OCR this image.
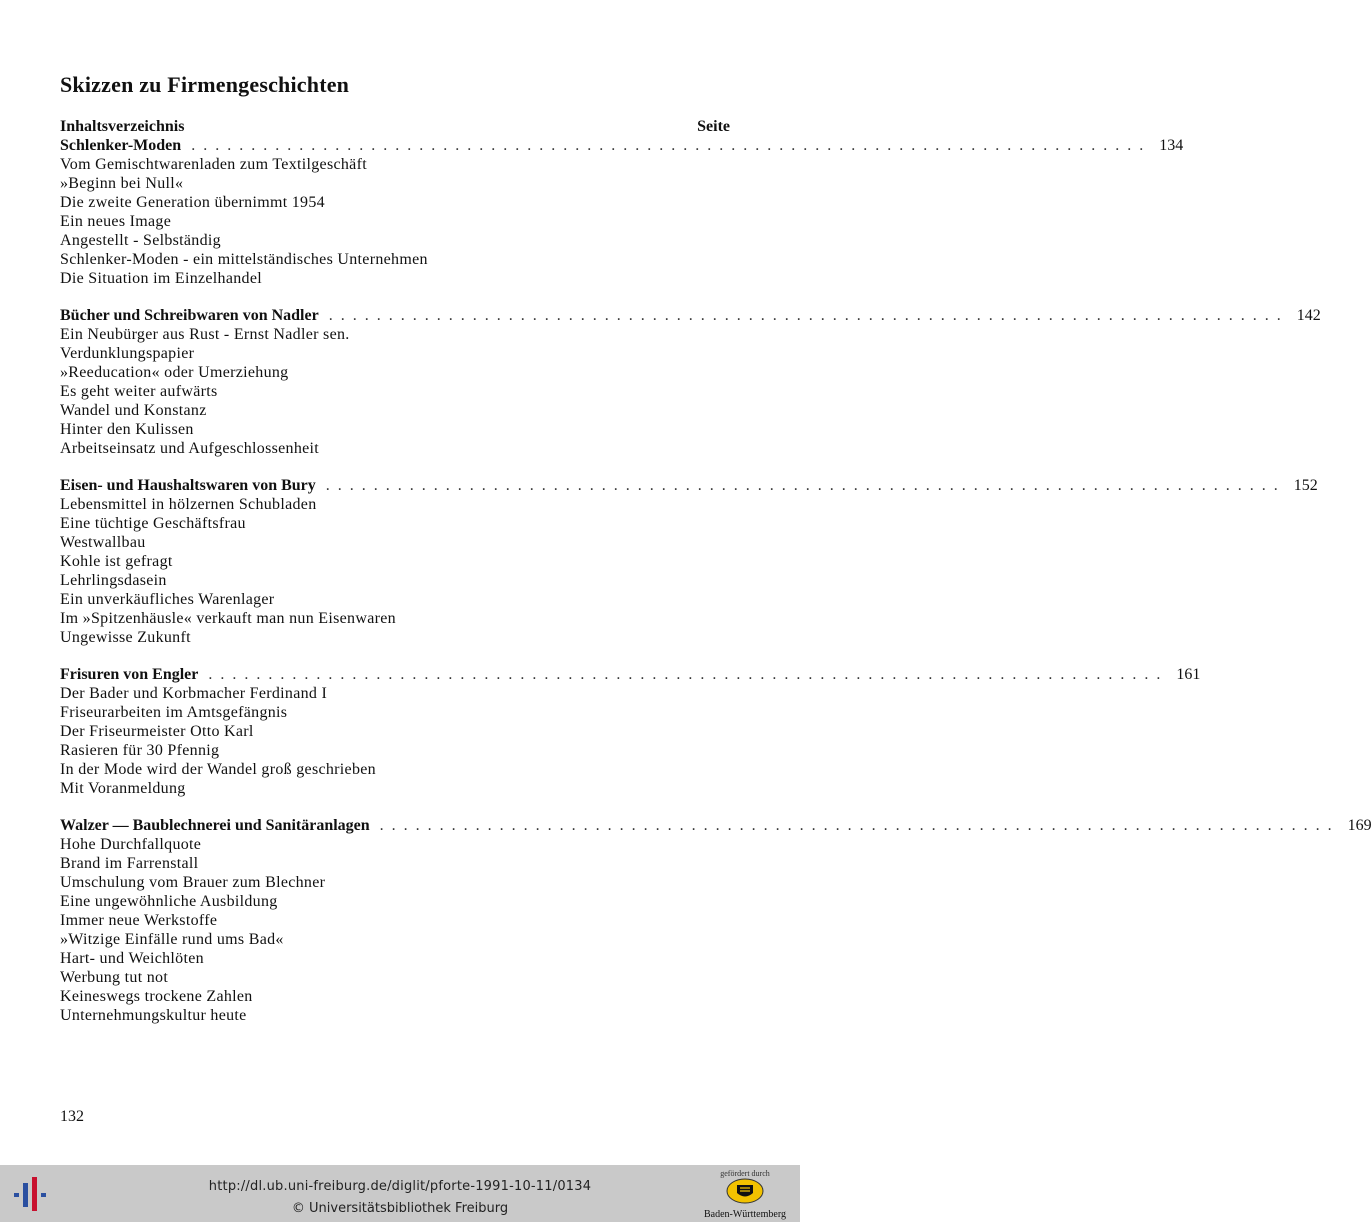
Skizzen zu Firmengeschichten
Inhaltsverzeichnis	Seite
Schlenker-Moden . . . . . . . . . . . . . . . . . . . . . . . . . . . . . . . . . . . . . . . . . . . . . . . . . . . . . . . . . . . . . . . . . . . . . . . . . . . . . . . . 134
Vom Gemischtwarenladen zum Textilgeschäft
»Beginn bei Null«
Die zweite Generation übernimmt 1954
Ein neues Image
Angestellt - Selbständig
Schlenker-Moden - ein mittelständisches Unternehmen
Die Situation im Einzelhandel
Bücher und Schreibwaren von Nadler . . . . . . . . . . . . . . . . . . . . . . . . . . . . . . . . . . . . . . . . . . . . . . . . . . . . . . . . . . . . . . . . . . . . . . . . . . . . . . . . 142
Ein Neubürger aus Rust - Ernst Nadler sen.
Verdunklungspapier
»Reeducation« oder Umerziehung
Es geht weiter aufwärts
Wandel und Konstanz
Hinter den Kulissen
Arbeitseinsatz und Aufgeschlossenheit
Eisen- und Haushaltswaren von Bury . . . . . . . . . . . . . . . . . . . . . . . . . . . . . . . . . . . . . . . . . . . . . . . . . . . . . . . . . . . . . . . . . . . . . . . . . . . . . . . . 152
Lebensmittel in hölzernen Schubladen
Eine tüchtige Geschäftsfrau
Westwallbau
Kohle ist gefragt
Lehrlingsdasein
Ein unverkäufliches Warenlager
Im »Spitzenhäusle« verkauft man nun Eisenwaren
Ungewisse Zukunft
Frisuren von Engler . . . . . . . . . . . . . . . . . . . . . . . . . . . . . . . . . . . . . . . . . . . . . . . . . . . . . . . . . . . . . . . . . . . . . . . . . . . . . . . . 161
Der Bader und Korbmacher Ferdinand I
Friseurarbeiten im Amtsgefängnis
Der Friseurmeister Otto Karl
Rasieren für 30 Pfennig
In der Mode wird der Wandel groß geschrieben
Mit Voranmeldung
Walzer — Baublechnerei und Sanitäranlagen . . . . . . . . . . . . . . . . . . . . . . . . . . . . . . . . . . . . . . . . . . . . . . . . . . . . . . . . . . . . . . . . . . . . . . . . . . . . . . . . 169
Hohe Durchfallquote
Brand im Farrenstall
Umschulung vom Brauer zum Blechner
Eine ungewöhnliche Ausbildung
Immer neue Werkstoffe
»Witzige Einfälle rund ums Bad«
Hart- und Weichlöten
Werbung tut not
Keineswegs trockene Zahlen
Unternehmungskultur heute
132
http://dl.ub.uni-freiburg.de/diglit/pforte-1991-10-11/0134
© Universitätsbibliothek Freiburg
gefördert durch
Baden-Württemberg
